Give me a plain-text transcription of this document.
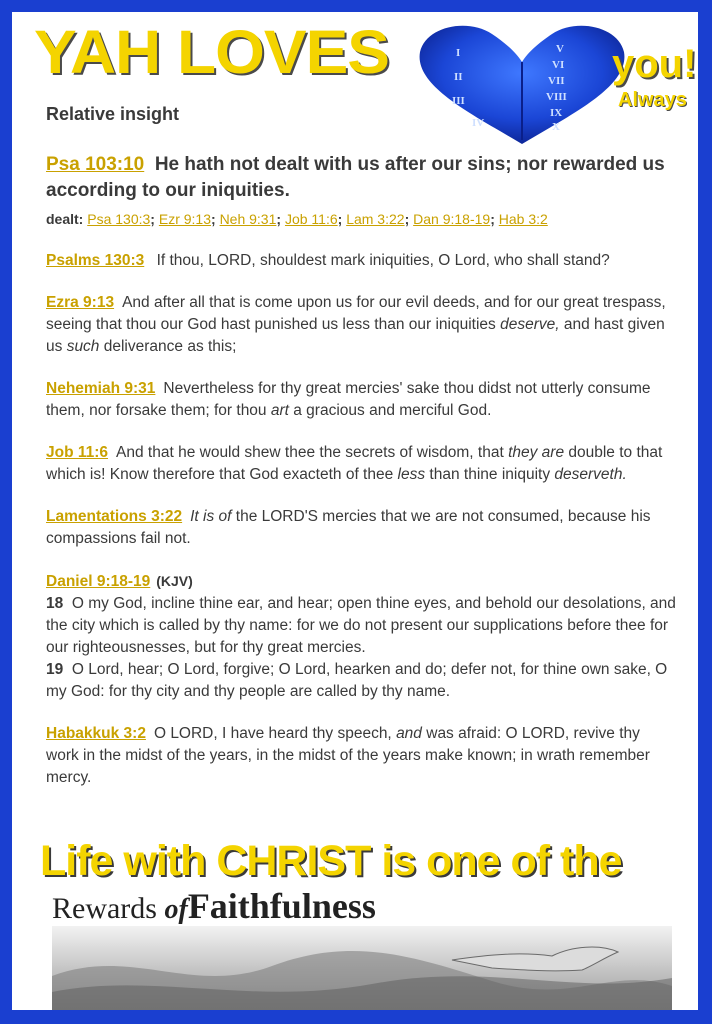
YAH LOVES
Relative insight
I
II
III
IV
V
VI
VII
VIII
IX
X
you!
Always
Psa 103:10 He hath not dealt with us after our sins; nor rewarded us according to our iniquities.
dealt: Psa 130:3; Ezr 9:13; Neh 9:31; Job 11:6; Lam 3:22; Dan 9:18-19; Hab 3:2
Psalms 130:3 If thou, LORD, shouldest mark iniquities, O Lord, who shall stand?
Ezra 9:13 And after all that is come upon us for our evil deeds, and for our great trespass, seeing that thou our God hast punished us less than our iniquities deserve, and hast given us such deliverance as this;
Nehemiah 9:31 Nevertheless for thy great mercies' sake thou didst not utterly consume them, nor forsake them; for thou art a gracious and merciful God.
Job 11:6 And that he would shew thee the secrets of wisdom, that they are double to that which is! Know therefore that God exacteth of thee less than thine iniquity deserveth.
Lamentations 3:22 It is of the LORD'S mercies that we are not consumed, because his compassions fail not.
Daniel 9:18-19 (KJV)
18 O my God, incline thine ear, and hear; open thine eyes, and behold our desolations, and the city which is called by thy name: for we do not present our supplications before thee for our righteousnesses, but for thy great mercies.
19 O Lord, hear; O Lord, forgive; O Lord, hearken and do; defer not, for thine own sake, O my God: for thy city and thy people are called by thy name.
Habakkuk 3:2 O LORD, I have heard thy speech, and was afraid: O LORD, revive thy work in the midst of the years, in the midst of the years make known; in wrath remember mercy.
Life with CHRIST is one of the
Rewards ofFaithfulness
